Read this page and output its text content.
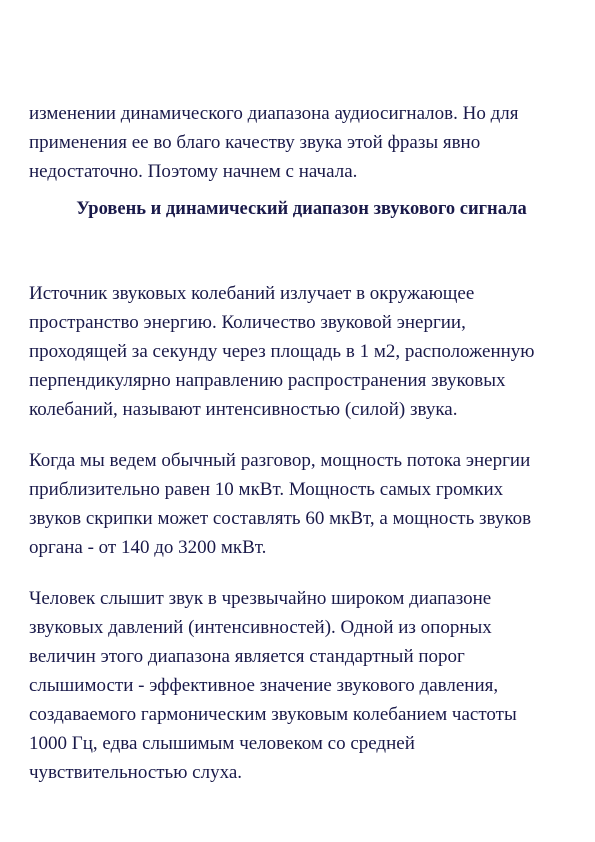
изменении динамического диапазона аудиосигналов. Но для
применения ее во благо качеству звука этой фразы явно
недостаточно. Поэтому начнем с начала.

Уровень и динамический диапазон звукового сигнала

Источник звуковых колебаний излучает в окружающее
пространство энергию. Количество звуковой энергии,
проходящей за секунду через площадь в 1 м2, расположенную
перпендикулярно направлению распространения звуковых
колебаний, называют интенсивностью (силой) звука.

Когда мы ведем обычный разговор, мощность потока энергии
приблизительно равен 10 мкВт. Мощность самых громких
звуков скрипки может составлять 60 мкВт, а мощность звуков
органа - от 140 до 3200 мкВт.

Человек слышит звук в чрезвычайно широком диапазоне
звуковых давлений (интенсивностей). Одной из опорных
величин этого диапазона является стандартный порог
слышимости - эффективное значение звукового давления,
создаваемого гармоническим звуковым колебанием частоты
1000 Гц, едва слышимым человеком со средней
чувствительностью слуха.
